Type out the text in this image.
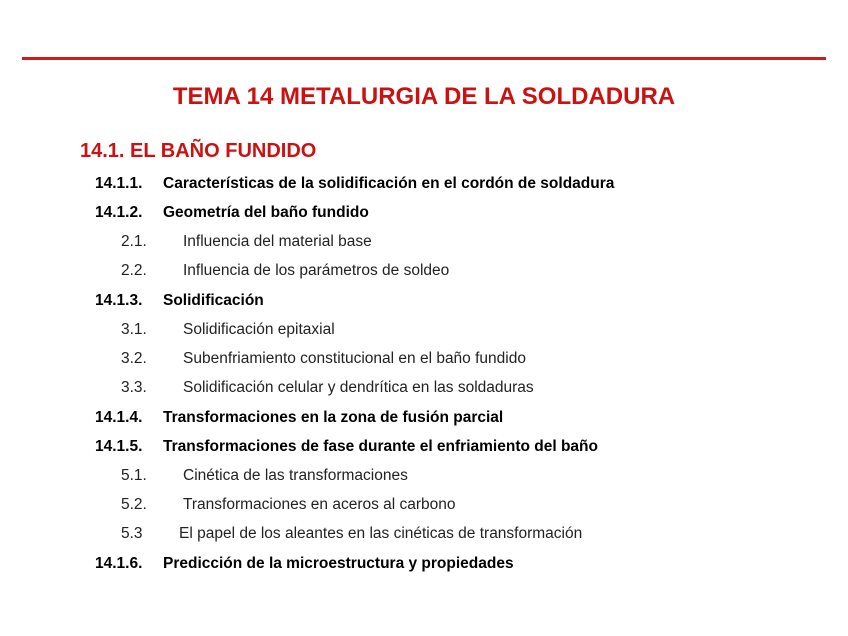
TEMA 14 METALURGIA DE LA SOLDADURA
14.1. EL BAÑO FUNDIDO
14.1.1. Características de la solidificación en el cordón de soldadura
14.1.2. Geometría del baño fundido
2.1. Influencia del material base
2.2. Influencia de los parámetros de soldeo
14.1.3. Solidificación
3.1. Solidificación epitaxial
3.2. Subenfriamiento constitucional en el baño fundido
3.3. Solidificación celular y dendrítica en las soldaduras
14.1.4. Transformaciones en la zona de fusión parcial
14.1.5. Transformaciones de fase durante el enfriamiento del baño
5.1. Cinética de las transformaciones
5.2. Transformaciones en aceros al carbono
5.3 El papel de los aleantes en las cinéticas de transformación
14.1.6. Predicción de la microestructura y propiedades
